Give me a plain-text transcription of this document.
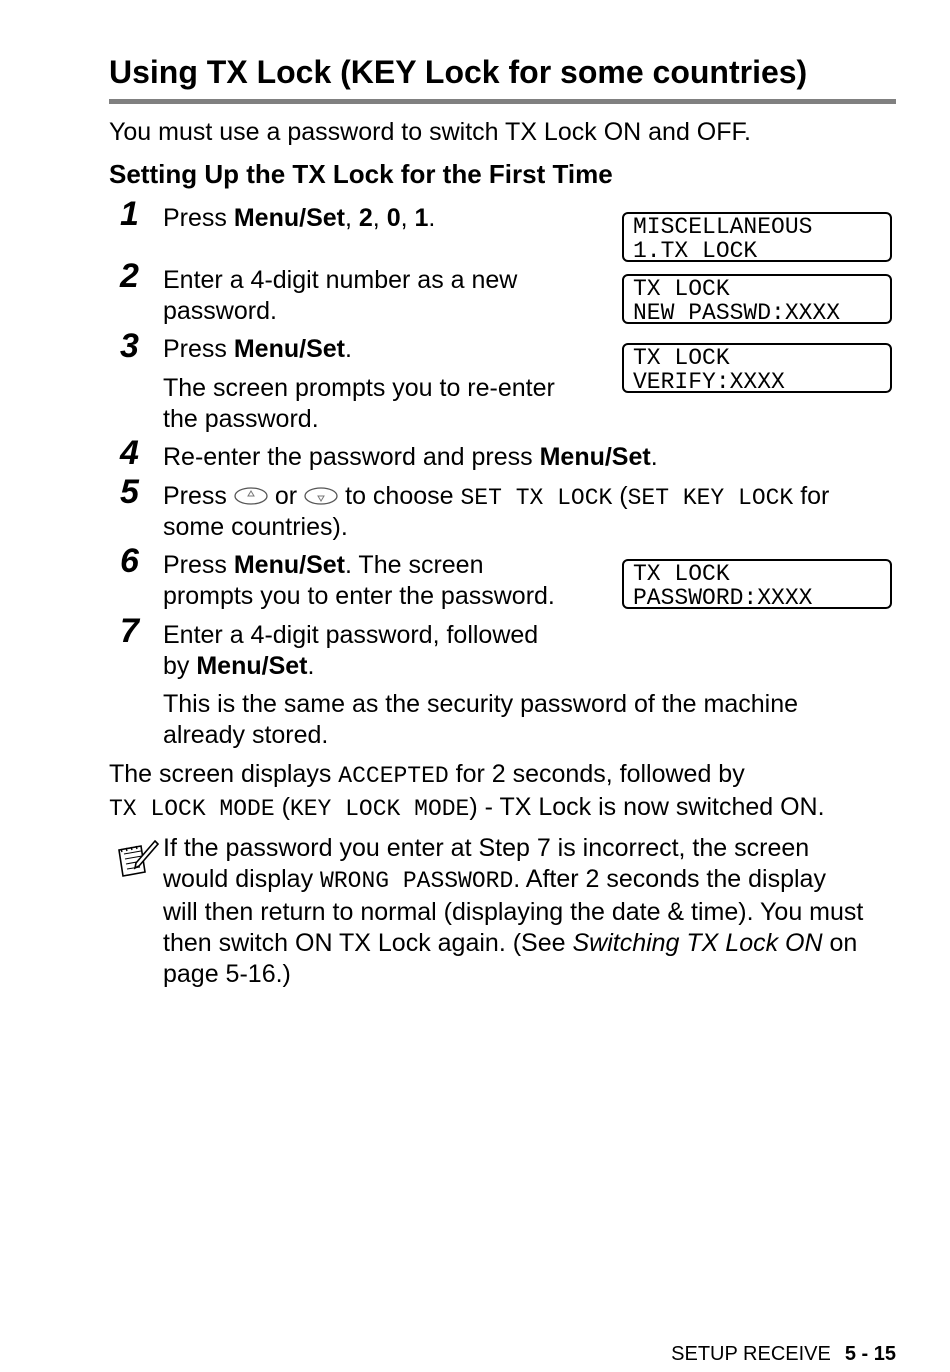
Using TX Lock (KEY Lock for some countries)
You must use a password to switch TX Lock ON and OFF.
Setting Up the TX Lock for the First Time
1 Press Menu/Set, 2, 0, 1.
2 Enter a 4-digit number as a new
password.
3 Press Menu/Set.
The screen prompts you to re-enter
the password.
4 Re-enter the password and press Menu/Set.
5 Press or to choose SET TX LOCK (SET KEY LOCK for
some countries).
6 Press Menu/Set. The screen
prompts you to enter the password.
7 Enter a 4-digit password, followed
by Menu/Set.
This is the same as the security password of the machine
already stored.
The screen displays ACCEPTED for 2 seconds, followed by
TX LOCK MODE (KEY LOCK MODE) - TX Lock is now switched ON.
MISCELLANEOUS
1.TX LOCK
TX LOCK
NEW PASSWD:XXXX
TX LOCK
VERIFY:XXXX
TX LOCK
PASSWORD:XXXX
If the password you enter at Step 7 is incorrect, the screen
would display WRONG PASSWORD. After 2 seconds the display
will then return to normal (displaying the date & time). You must
then switch ON TX Lock again. (See Switching TX Lock ON on
page 5-16.)
SETUP RECEIVE 5 - 15
